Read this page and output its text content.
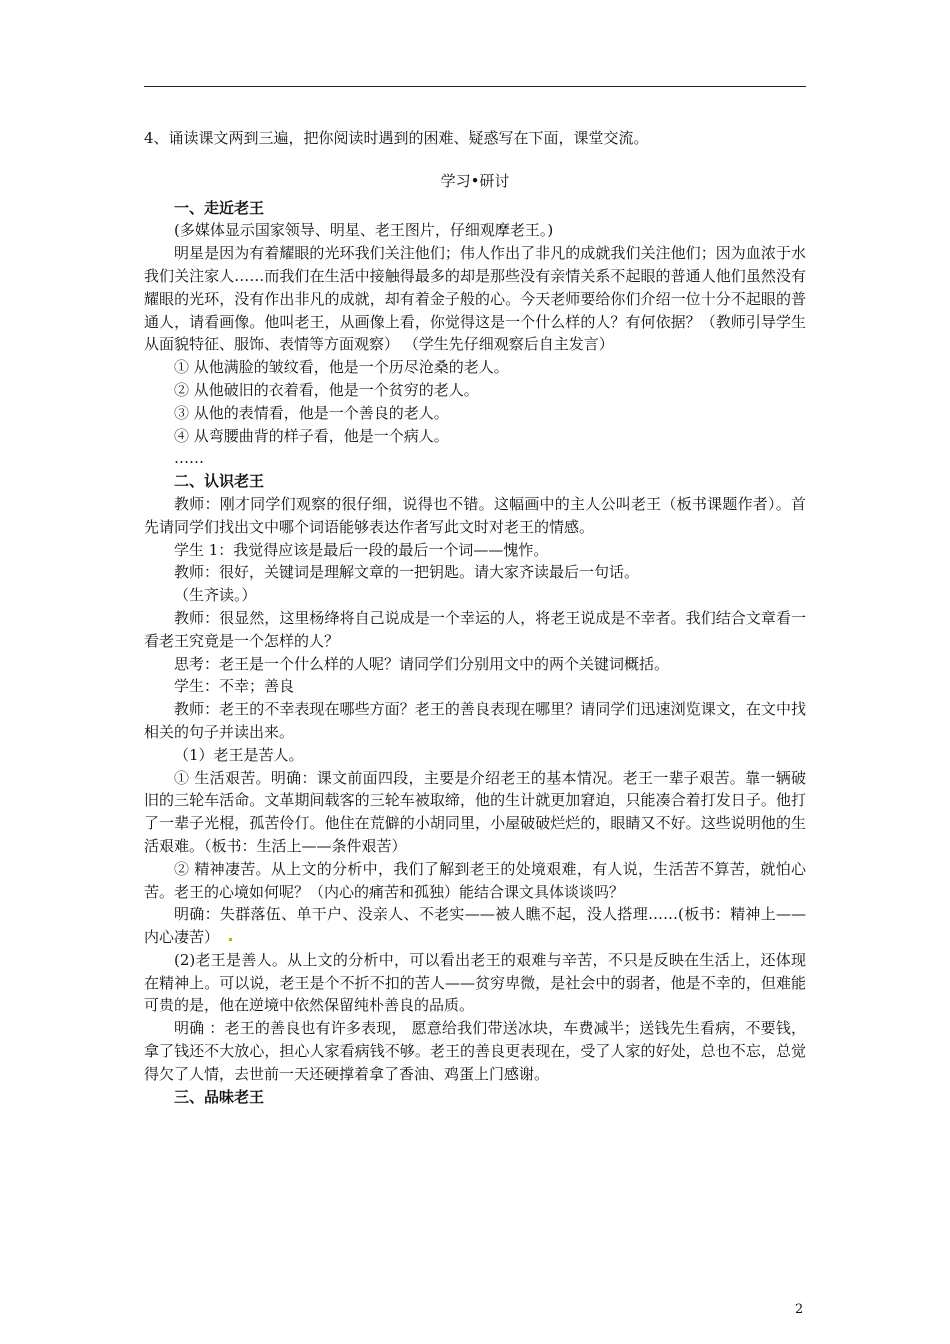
4、诵读课文两到三遍，把你阅读时遇到的困难、疑惑写在下面，课堂交流。

学习•研讨

一、走近老王

(多媒体显示国家领导、明星、老王图片，仔细观摩老王。)

明星是因为有着耀眼的光环我们关注他们；伟人作出了非凡的成就我们关注他们；因为血浓于水我们关注家人……而我们在生活中接触得最多的却是那些没有亲情关系不起眼的普通人他们虽然没有耀眼的光环，没有作出非凡的成就，却有着金子般的心。今天老师要给你们介绍一位十分不起眼的普通人，请看画像。他叫老王，从画像上看，你觉得这是一个什么样的人？有何依据？（教师引导学生从面貌特征、服饰、表情等方面观察） （学生先仔细观察后自主发言）

① 从他满脸的皱纹看，他是一个历尽沧桑的老人。

② 从他破旧的衣着看，他是一个贫穷的老人。

③ 从他的表情看，他是一个善良的老人。

④ 从弯腰曲背的样子看，他是一个病人。

……

二、认识老王

教师：刚才同学们观察的很仔细，说得也不错。这幅画中的主人公叫老王（板书课题作者）。首先请同学们找出文中哪个词语能够表达作者写此文时对老王的情感。

学生 1：我觉得应该是最后一段的最后一个词——愧怍。

教师：很好，关键词是理解文章的一把钥匙。请大家齐读最后一句话。

（生齐读。）

教师：很显然，这里杨绛将自己说成是一个幸运的人，将老王说成是不幸者。我们结合文章看一看老王究竟是一个怎样的人？

思考：老王是一个什么样的人呢？请同学们分别用文中的两个关键词概括。

学生：不幸；善良

教师：老王的不幸表现在哪些方面？老王的善良表现在哪里？请同学们迅速浏览课文，在文中找相关的句子并读出来。

（1）老王是苦人。

① 生活艰苦。明确：课文前面四段，主要是介绍老王的基本情况。老王一辈子艰苦。靠一辆破旧的三轮车活命。文革期间载客的三轮车被取缔，他的生计就更加窘迫，只能凑合着打发日子。他打了一辈子光棍，孤苦伶仃。他住在荒僻的小胡同里，小屋破破烂烂的，眼睛又不好。这些说明他的生活艰难。（板书：生活上——条件艰苦）

② 精神凄苦。从上文的分析中，我们了解到老王的处境艰难，有人说，生活苦不算苦，就怕心苦。老王的心境如何呢？（内心的痛苦和孤独）能结合课文具体谈谈吗？

明确：失群落伍、单干户、没亲人、不老实——被人瞧不起，没人搭理……(板书：精神上——内心凄苦）

(2)老王是善人。从上文的分析中，可以看出老王的艰难与辛苦，不只是反映在生活上，还体现在精神上。可以说，老王是个不折不扣的苦人——贫穷卑微，是社会中的弱者，他是不幸的，但难能可贵的是，他在逆境中依然保留纯朴善良的品质。

明确 ：老王的善良也有许多表现， 愿意给我们带送冰块，车费减半；送钱先生看病，不要钱，拿了钱还不大放心，担心人家看病钱不够。老王的善良更表现在，受了人家的好处，总也不忘，总觉得欠了人情，去世前一天还硬撑着拿了香油、鸡蛋上门感谢。

三、品味老王

2
